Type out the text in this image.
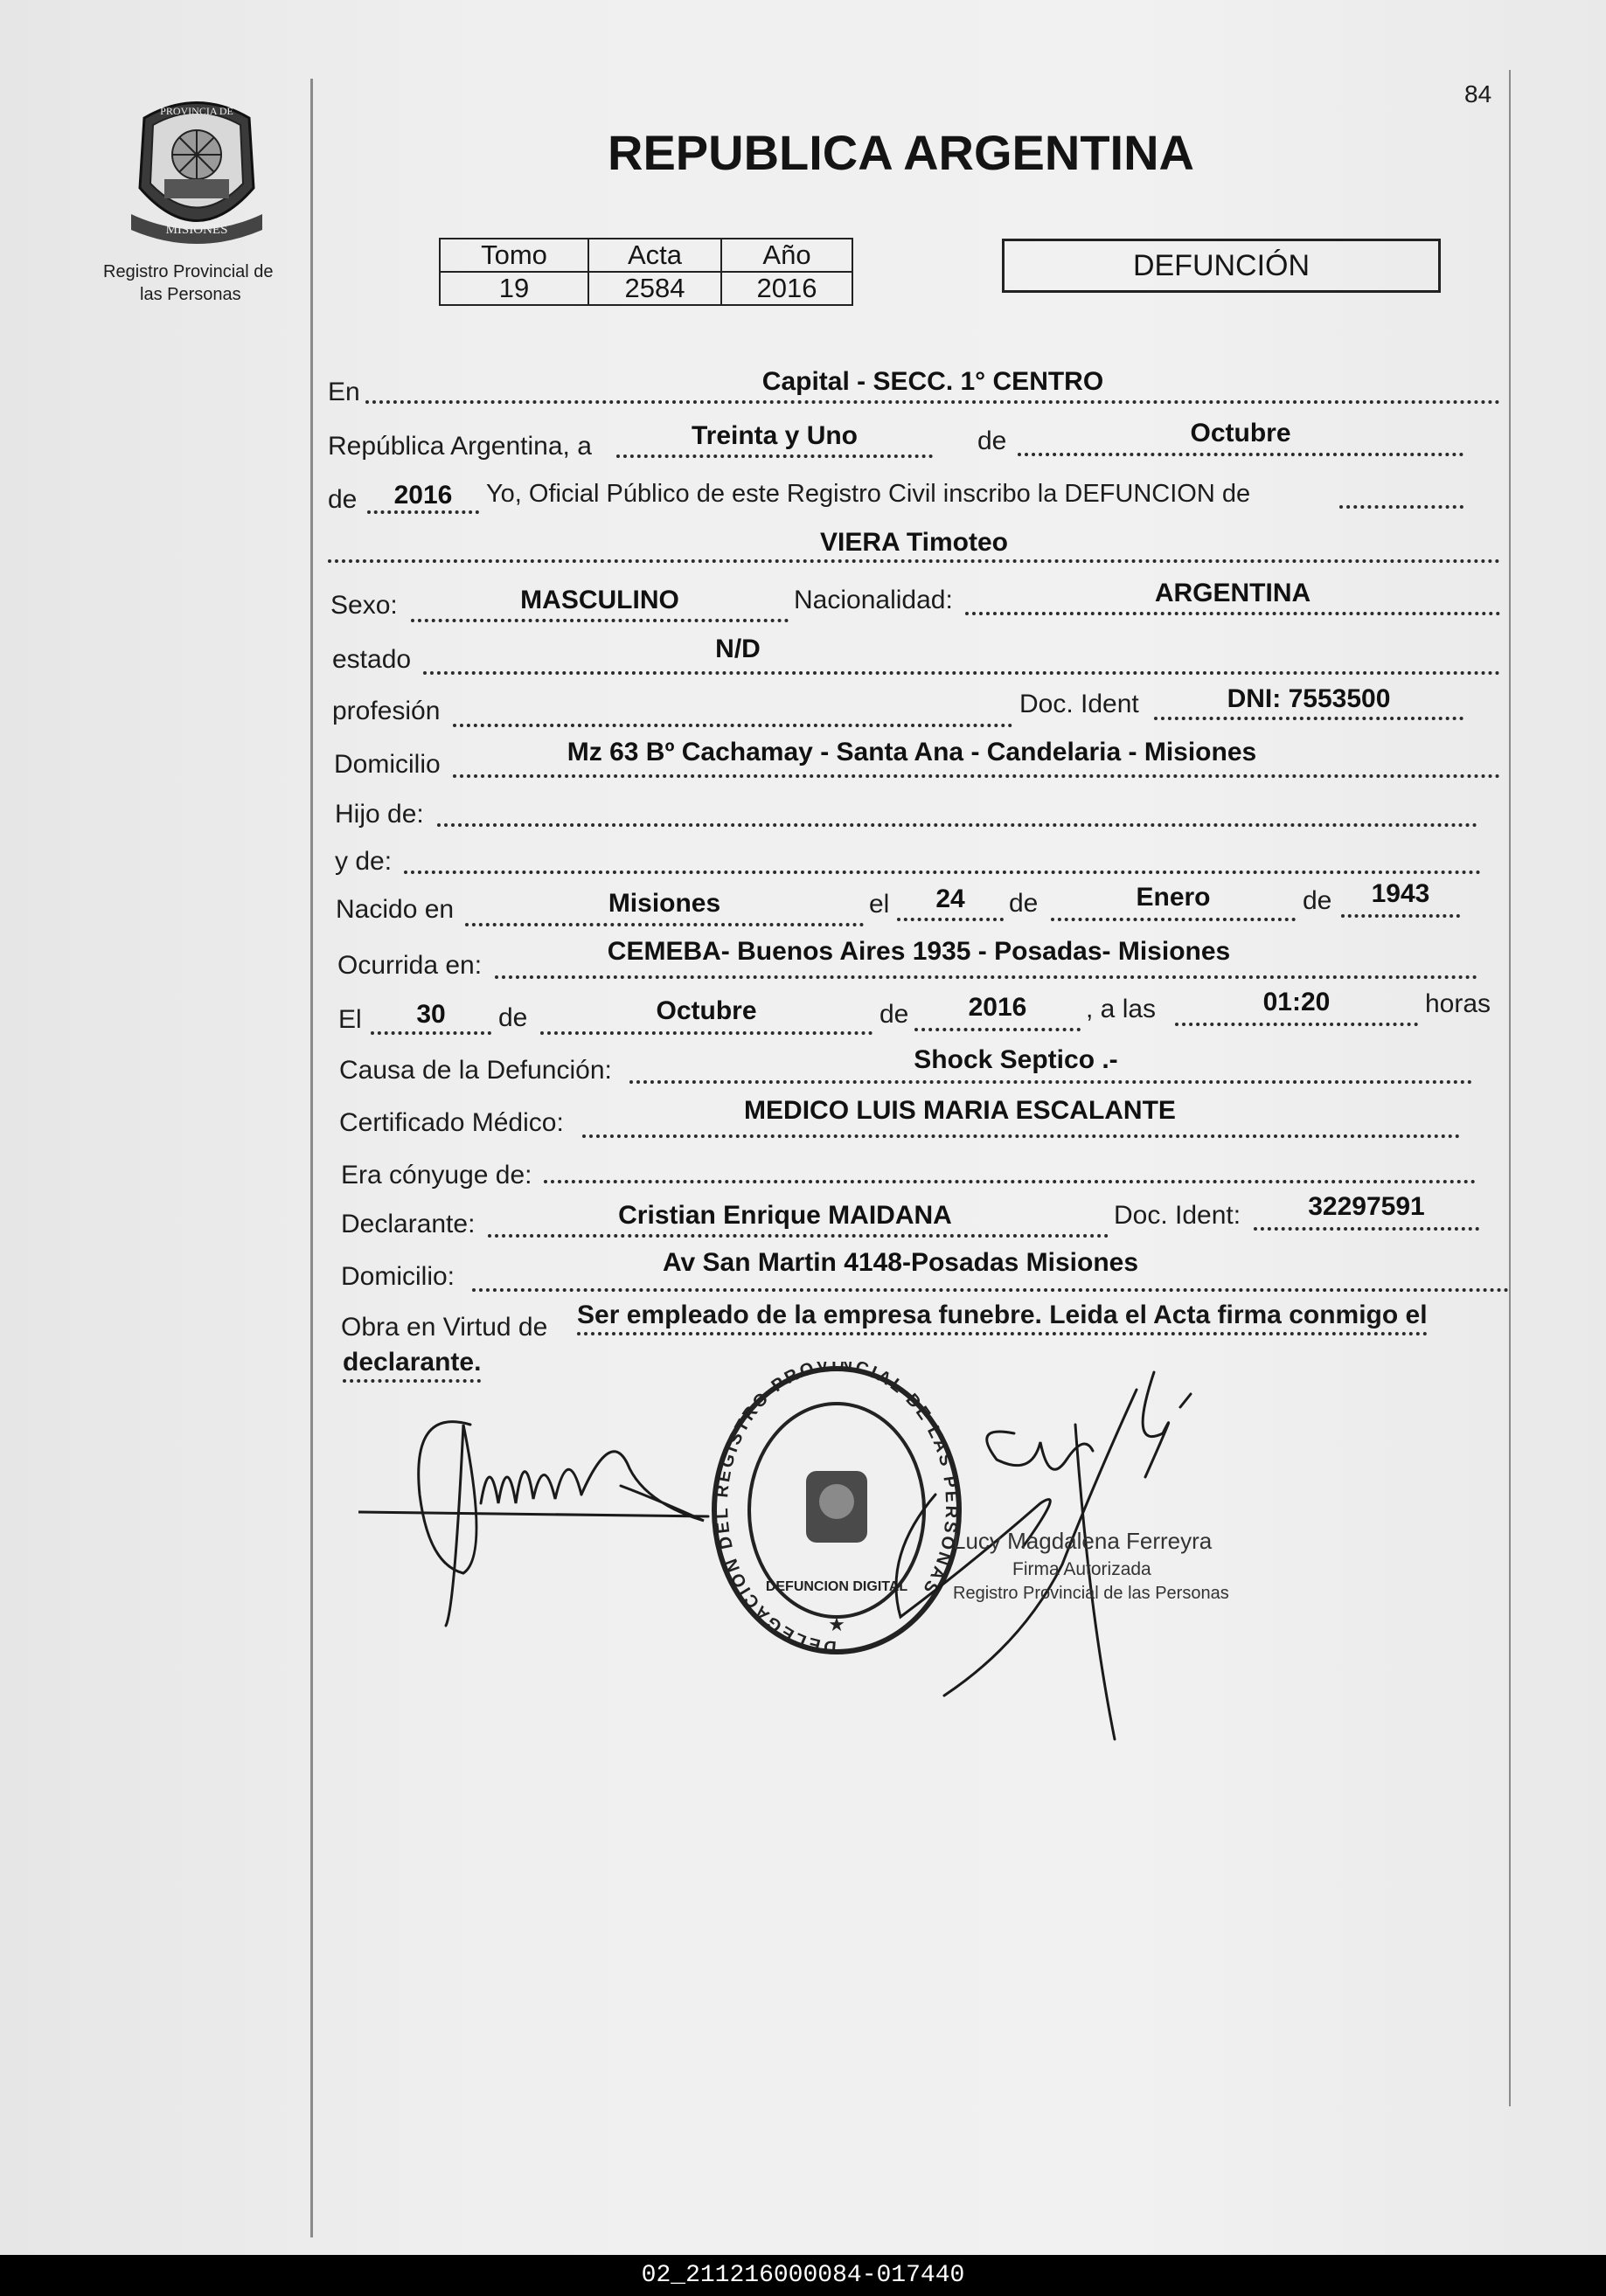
84
MISIONES
PROVINCIA DE
Registro Provincial de
las Personas
REPUBLICA ARGENTINA
Tomo	Acta	Año
19	2584	2016
DEFUNCIÓN
En	Capital - SECC. 1° CENTRO
República Argentina, a	Treinta y Uno	de	Octubre
de	2016	Yo, Oficial Público de este Registro Civil inscribo la DEFUNCION de
VIERA Timoteo
Sexo:	MASCULINO	Nacionalidad:	ARGENTINA
estado	N/D
profesión	Doc. Ident	DNI: 7553500
Domicilio	Mz 63 Bº Cachamay - Santa Ana - Candelaria - Misiones
Hijo de:
y de:
Nacido en	Misiones	el	24	de	Enero	de	1943
Ocurrida en:	CEMEBA- Buenos Aires 1935 - Posadas- Misiones
El	30	de	Octubre	de	2016	, a las	01:20	horas
Causa de la Defunción:	Shock Septico .-
Certificado Médico:	MEDICO LUIS MARIA ESCALANTE
Era cónyuge de:
Declarante:	Cristian Enrique MAIDANA	Doc. Ident:	32297591
Domicilio:	Av San Martin 4148-Posadas Misiones
Obra en Virtud de Ser empleado de la empresa funebre. Leida el Acta firma conmigo el
declarante.
DELEGACIÓN DEL REGISTRO PROVINCIAL DE LAS PERSONAS
DEFUNCION DIGITAL
★
Lucy Magdalena Ferreyra
Firma Autorizada
Registro Provincial de las Personas
02_211216000084-017440
